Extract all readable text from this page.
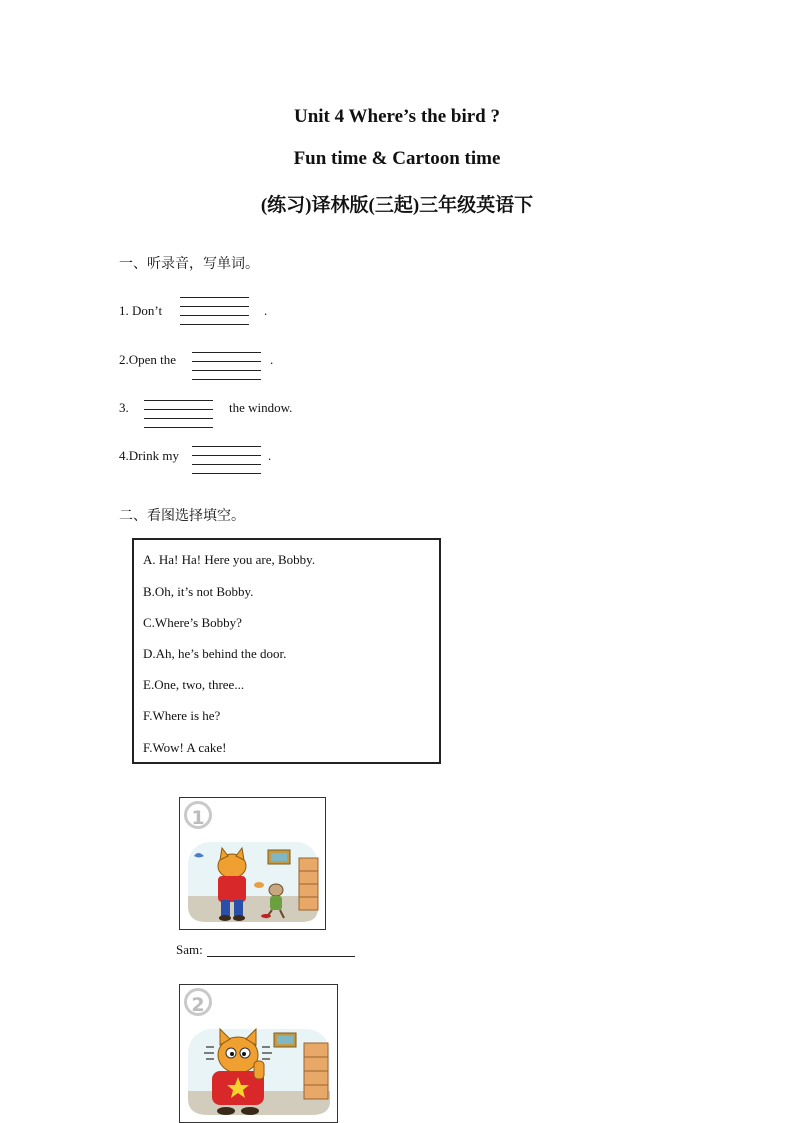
Unit 4 Where’s the bird ?
Fun time & Cartoon time
(练习)译林版(三起)三年级英语下
一、听录音，写单词。
1. Don’t	.
2.Open the	.
3.	the window.
4.Drink my	.
二、看图选择填空。
A. Ha! Ha! Here you are, Bobby.
B.Oh, it’s not Bobby.
C.Where’s Bobby?
D.Ah, he’s behind the door.
E.One, two, three...
F.Where is he?
F.Wow! A cake!
1
Sam:
2
